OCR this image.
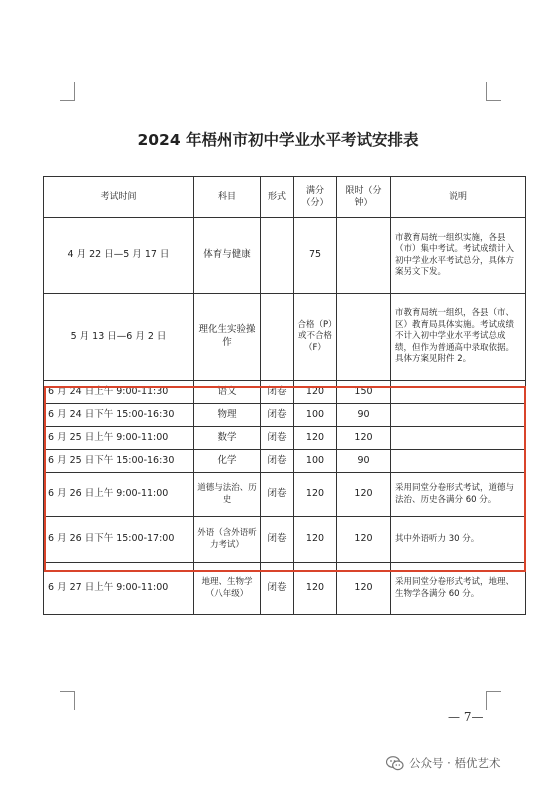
2024 年梧州市初中学业水平考试安排表
考试时间	科目	形式	满分（分）	限时（分钟）	说明
4 月 22 日—5 月 17 日	体育与健康		75		市教育局统一组织实施，各县（市）集中考试。考试成绩计入初中学业水平考试总分，具体方案另文下发。
5 月 13 日—6 月 2 日	理化生实验操作		合格（P）或不合格（F）		市教育局统一组织，各县（市、区）教育局具体实施。考试成绩不计入初中学业水平考试总成绩，但作为普通高中录取依据。具体方案见附件 2。
6 月 24 日上午 9:00-11:30	语文	闭卷	120	150	
6 月 24 日下午 15:00-16:30	物理	闭卷	100	90	
6 月 25 日上午 9:00-11:00	数学	闭卷	120	120	
6 月 25 日下午 15:00-16:30	化学	闭卷	100	90	
6 月 26 日上午 9:00-11:00	道德与法治、历史	闭卷	120	120	采用同堂分卷形式考试，道德与法治、历史各满分 60 分。
6 月 26 日下午 15:00-17:00	外语（含外语听力考试）	闭卷	120	120	其中外语听力 30 分。
6 月 27 日上午 9:00-11:00	地理、生物学（八年级）	闭卷	120	120	采用同堂分卷形式考试，地理、生物学各满分 60 分。
— 7—
公众号 · 梧优艺术
